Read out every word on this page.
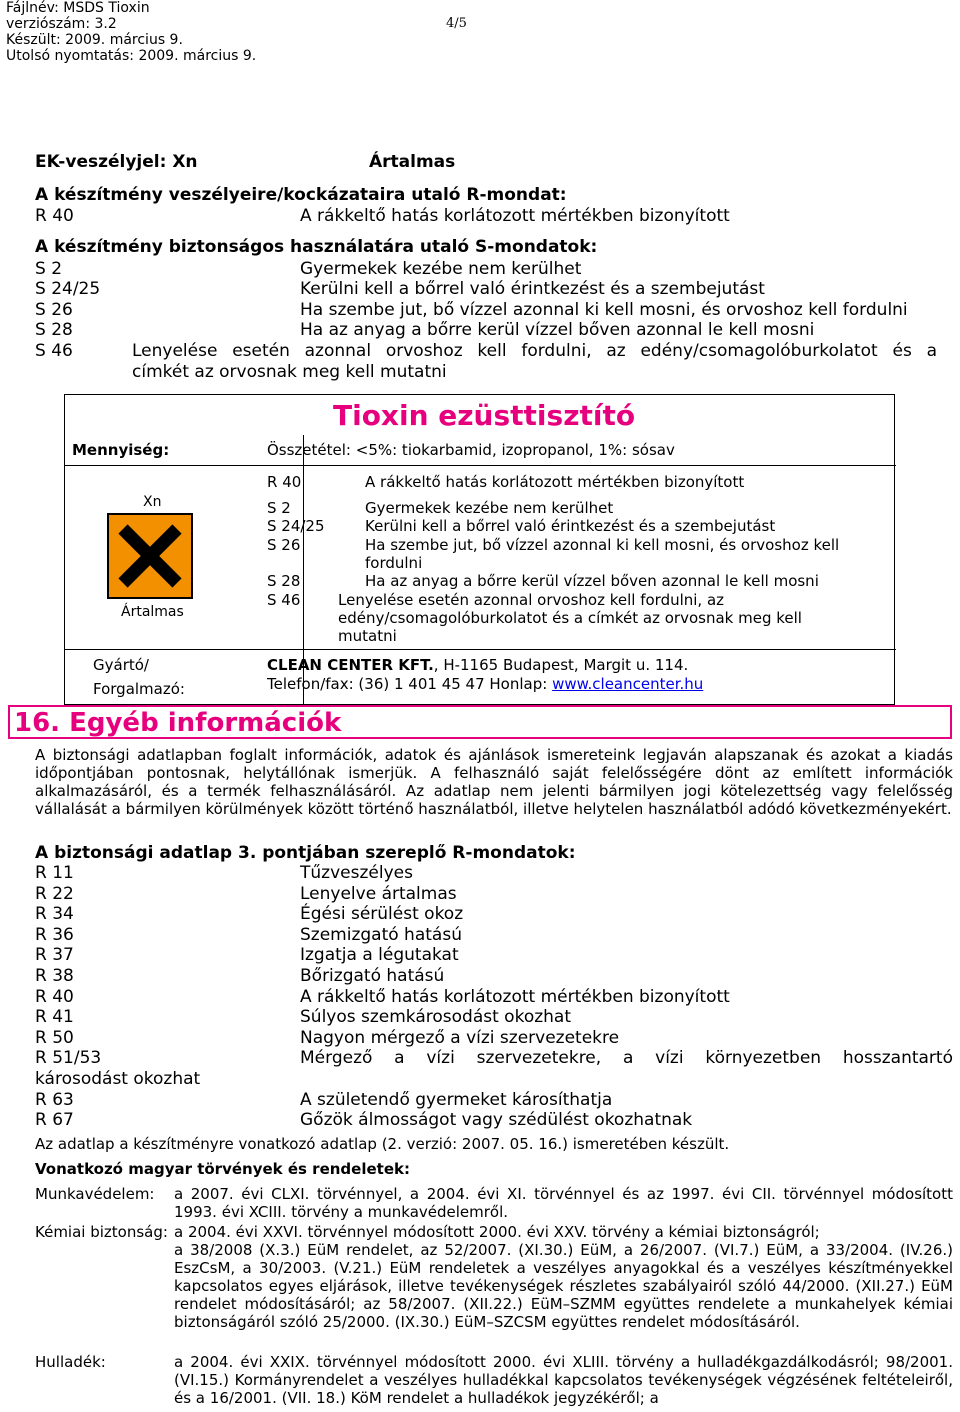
Fájlnév: MSDS Tioxin
verziószám: 3.2
Készült: 2009. március 9.
Utolsó nyomtatás: 2009. március 9.
4/5
EK-veszélyjel: Xn	Ártalmas
A készítmény veszélyeire/kockázataira utaló R-mondat:
R 40	A rákkeltő hatás korlátozott mértékben bizonyított
A készítmény biztonságos használatára utaló S-mondatok:
S 2	Gyermekek kezébe nem kerülhet
S 24/25	Kerülni kell a bőrrel való érintkezést és a szembejutást
S 26	Ha szembe jut, bő vízzel azonnal ki kell mosni, és orvoshoz kell fordulni
S 28	Ha az anyag a bőrre kerül vízzel bőven azonnal le kell mosni
S 46	Lenyelése esetén azonnal orvoshoz kell fordulni, az edény/csomagolóburkolatot és a
címkét az orvosnak meg kell mutatni
Tioxin ezüsttisztító
Mennyiség:	Összetétel: <5%: tiokarbamid, izopropanol, 1%: sósav
Xn
Ártalmas
R 40	A rákkeltő hatás korlátozott mértékben bizonyított
S 2	Gyermekek kezébe nem kerülhet
S 24/25	Kerülni kell a bőrrel való érintkezést és a szembejutást
S 26	Ha szembe jut, bő vízzel azonnal ki kell mosni, és orvoshoz kell
fordulni
S 28	Ha az anyag a bőrre kerül vízzel bőven azonnal le kell mosni
S 46	Lenyelése esetén azonnal orvoshoz kell fordulni, az
edény/csomagolóburkolatot és a címkét az orvosnak meg kell
mutatni
Gyártó/
Forgalmazó:
CLEAN CENTER KFT., H-1165 Budapest, Margit u. 114.
Telefon/fax: (36) 1 401 45 47 Honlap: www.cleancenter.hu
16. Egyéb információk
A biztonsági adatlapban foglalt információk, adatok és ajánlások ismereteink legjaván alapszanak és azokat a kiadás időpontjában pontosnak, helytállónak ismerjük. A felhasználó saját felelősségére dönt az említett információk alkalmazásáról, és a termék felhasználásáról. Az adatlap nem jelenti bármilyen jogi kötelezettség vagy felelősség vállalását a bármilyen körülmények között történő használatból, illetve helytelen használatból adódó következményekért.
A biztonsági adatlap 3. pontjában szereplő R-mondatok:
R 11	Tűzveszélyes
R 22	Lenyelve ártalmas
R 34	Égési sérülést okoz
R 36	Szemizgató hatású
R 37	Izgatja a légutakat
R 38	Bőrizgató hatású
R 40	A rákkeltő hatás korlátozott mértékben bizonyított
R 41	Súlyos szemkárosodást okozhat
R 50	Nagyon mérgező a vízi szervezetekre
R 51/53	Mérgező a vízi szervezetekre, a vízi környezetben hosszantartó
károsodást okozhat
R 63	A születendő gyermeket károsíthatja
R 67	Gőzök álmosságot vagy szédülést okozhatnak
Az adatlap a készítményre vonatkozó adatlap (2. verzió: 2007. 05. 16.) ismeretében készült.
Vonatkozó magyar törvények és rendeletek:
Munkavédelem: a 2007. évi CLXI. törvénnyel, a 2004. évi XI. törvénnyel és az 1997. évi CII. törvénnyel módosított 1993. évi XCIII. törvény a munkavédelemről.
Kémiai biztonság: a 2004. évi XXVI. törvénnyel módosított 2000. évi XXV. törvény a kémiai biztonságról;
a 38/2008 (X.3.) EüM rendelet, az 52/2007. (XI.30.) EüM, a 26/2007. (VI.7.) EüM, a 33/2004. (IV.26.) EszCsM, a 30/2003. (V.21.) EüM rendeletek a veszélyes anyagokkal és a veszélyes készítményekkel kapcsolatos egyes eljárások, illetve tevékenységek részletes szabályairól szóló 44/2000. (XII.27.) EüM rendelet módosításáról; az 58/2007. (XII.22.) EüM–SZMM együttes rendelete a munkahelyek kémiai biztonságáról szóló 25/2000. (IX.30.) EüM–SZCSM együttes rendelet módosításáról.
Hulladék:	a 2004. évi XXIX. törvénnyel módosított 2000. évi XLIII. törvény a hulladékgazdálkodásról; 98/2001.(VI.15.) Kormányrendelet a veszélyes hulladékkal kapcsolatos tevékenységek végzésének feltételeiről, és a 16/2001. (VII. 18.) KöM rendelet a hulladékok jegyzékéről; a
